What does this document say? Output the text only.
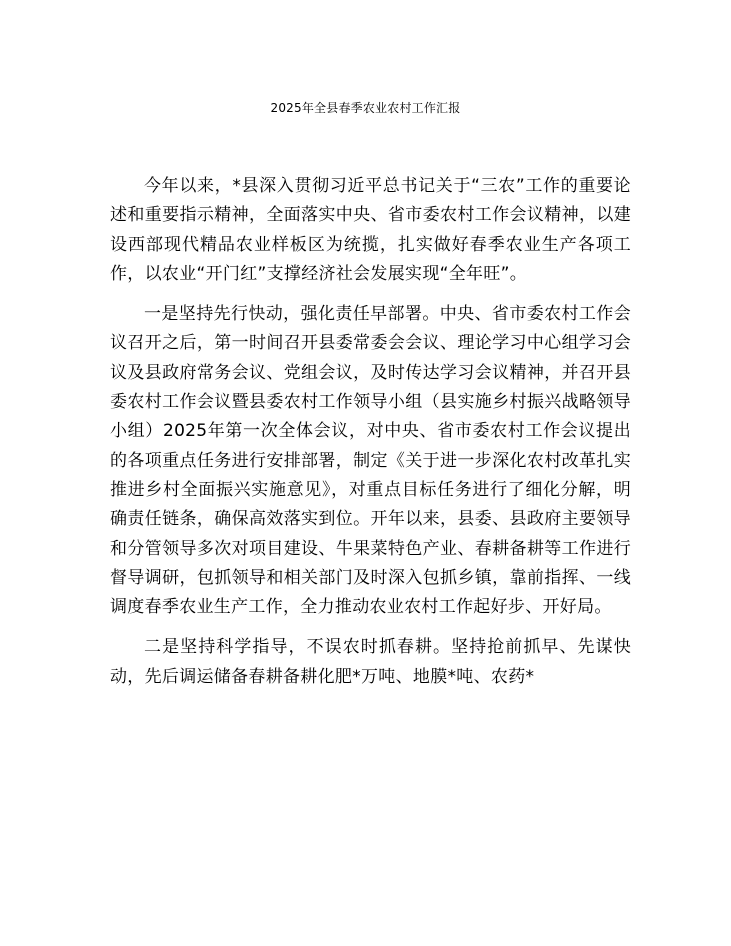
2025年全县春季农业农村工作汇报

今年以来，*县深入贯彻习近平总书记关于“三农”工作的重要论述和重要指示精神，全面落实中央、省市委农村工作会议精神，以建设西部现代精品农业样板区为统揽，扎实做好春季农业生产各项工作，以农业“开门红”支撑经济社会发展实现“全年旺”。

一是坚持先行快动，强化责任早部署。中央、省市委农村工作会议召开之后，第一时间召开县委常委会会议、理论学习中心组学习会议及县政府常务会议、党组会议，及时传达学习会议精神，并召开县委农村工作会议暨县委农村工作领导小组（县实施乡村振兴战略领导小组）2025年第一次全体会议，对中央、省市委农村工作会议提出的各项重点任务进行安排部署，制定《关于进一步深化农村改革扎实推进乡村全面振兴实施意见》，对重点目标任务进行了细化分解，明确责任链条，确保高效落实到位。开年以来，县委、县政府主要领导和分管领导多次对项目建设、牛果菜特色产业、春耕备耕等工作进行督导调研，包抓领导和相关部门及时深入包抓乡镇，靠前指挥、一线调度春季农业生产工作，全力推动农业农村工作起好步、开好局。

二是坚持科学指导，不误农时抓春耕。坚持抢前抓早、先谋快动，先后调运储备春耕备耕化肥*万吨、地膜*吨、农药*
